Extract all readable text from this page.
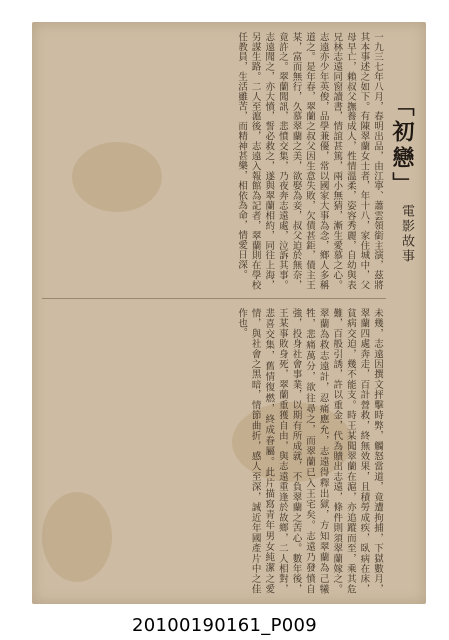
「初戀」
電影故事
一九三七年八月，春明出品，由江寧、蕭雲領銜主演，茲將其本事述之如下。有陳翠蘭女士者，年十八，家住城中，父母早亡，賴叔父撫養成人，性情溫柔，姿容秀麗，自幼與表兄林志遠同窗讀書，情誼甚篤，兩小無猜，漸生愛慕之心。志遠亦少年英俊，品學兼優，常以國家大事為念，鄉人多稱道之。是年春，翠蘭之叔父因生意失敗，欠債甚鉅，債主王某，富而無行，久慕翠蘭之美，欲娶為妾，叔父迫於無奈，竟許之。翠蘭聞訊，悲憤交集，乃夜奔志遠處，泣訴其事。志遠聞之，亦大憤，誓必救之，遂與翠蘭相約，同往上海，另謀生路。二人至滬後，志遠入報館為記者，翠蘭則在學校任教員，生活雖苦，而精神甚樂，相依為命，情愛日深。
未幾，志遠因撰文抨擊時弊，觸怒當道，竟遭拘捕，下獄數月，翠蘭四處奔走，百計營救，終無效果，且積勞成疾，臥病在床，貧病交迫，幾不能支。時王某聞翠蘭在滬，亦追蹤而至，乘其危難，百般引誘，許以重金，代為贖出志遠，條件則須翠蘭嫁之。翠蘭為救志遠計，忍痛應允，志遠得釋出獄，方知翠蘭為己犧牲，悲痛萬分，欲往尋之，而翠蘭已入王宅矣。志遠乃發憤自強，投身社會事業，以期有所成就，不負翠蘭之苦心。數年後，王某事敗身死，翠蘭重獲自由，與志遠重逢於故鄉，二人相對，悲喜交集，舊情復燃，終成眷屬。此片描寫青年男女純潔之愛情，與社會之黑暗，情節曲折，感人至深，誠近年國產片中之佳作也。
20100190161_P009
